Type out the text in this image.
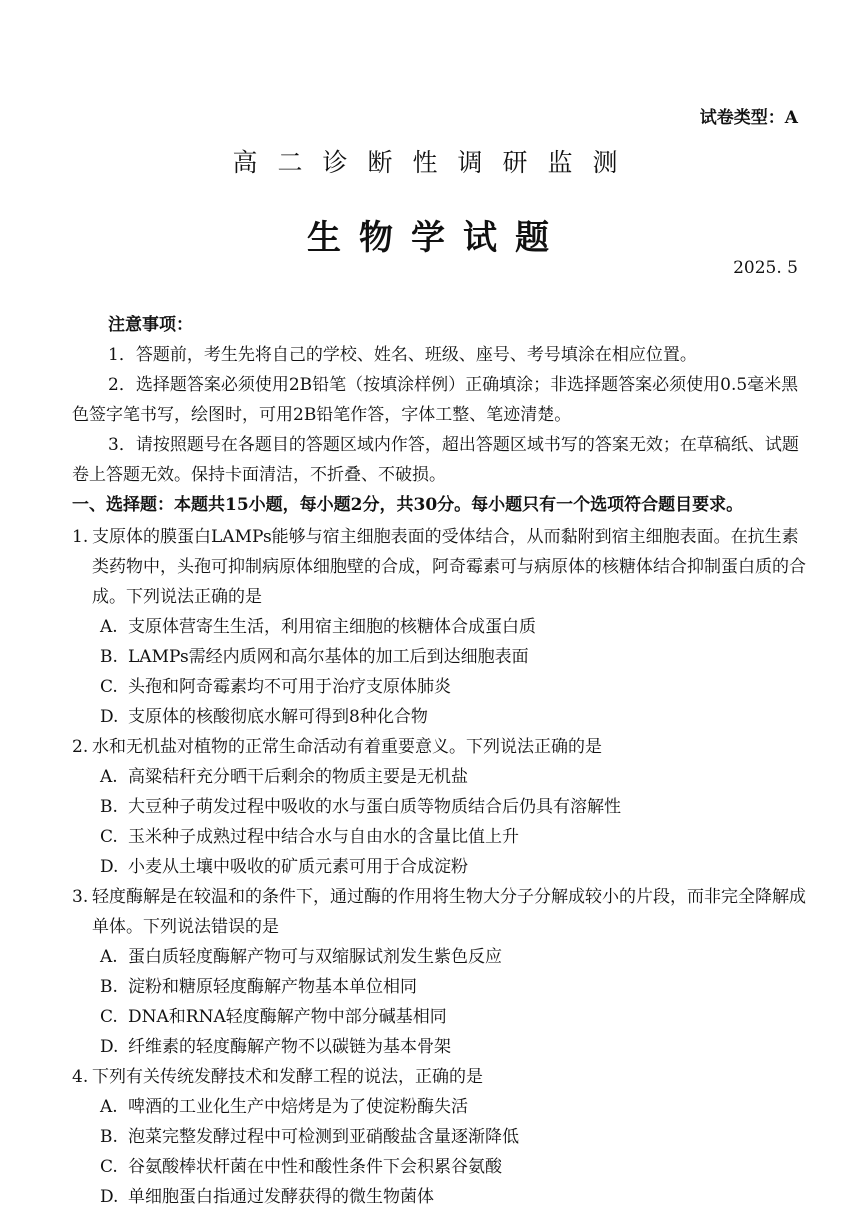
试卷类型：A
高二诊断性调研监测
生物学试题
2025. 5
注意事项：

1．答题前，考生先将自己的学校、姓名、班级、座号、考号填涂在相应位置。

2．选择题答案必须使用2B铅笔（按填涂样例）正确填涂；非选择题答案必须使用0.5毫米黑色签字笔书写，绘图时，可用2B铅笔作答，字体工整、笔迹清楚。

3．请按照题号在各题目的答题区域内作答，超出答题区域书写的答案无效；在草稿纸、试题卷上答题无效。保持卡面清洁，不折叠、不破损。

一、选择题：本题共15小题，每小题2分，共30分。每小题只有一个选项符合题目要求。
1. 支原体的膜蛋白LAMPs能够与宿主细胞表面的受体结合，从而黏附到宿主细胞表面。在抗生素类药物中，头孢可抑制病原体细胞壁的合成，阿奇霉素可与病原体的核糖体结合抑制蛋白质的合成。下列说法正确的是
A. 支原体营寄生生活，利用宿主细胞的核糖体合成蛋白质
B. LAMPs需经内质网和高尔基体的加工后到达细胞表面
C. 头孢和阿奇霉素均不可用于治疗支原体肺炎
D. 支原体的核酸彻底水解可得到8种化合物
2. 水和无机盐对植物的正常生命活动有着重要意义。下列说法正确的是
A. 高粱秸秆充分晒干后剩余的物质主要是无机盐
B. 大豆种子萌发过程中吸收的水与蛋白质等物质结合后仍具有溶解性
C. 玉米种子成熟过程中结合水与自由水的含量比值上升
D. 小麦从土壤中吸收的矿质元素可用于合成淀粉
3. 轻度酶解是在较温和的条件下，通过酶的作用将生物大分子分解成较小的片段，而非完全降解成单体。下列说法错误的是
A. 蛋白质轻度酶解产物可与双缩脲试剂发生紫色反应
B. 淀粉和糖原轻度酶解产物基本单位相同
C. DNA和RNA轻度酶解产物中部分碱基相同
D. 纤维素的轻度酶解产物不以碳链为基本骨架
4. 下列有关传统发酵技术和发酵工程的说法，正确的是
A. 啤酒的工业化生产中焙烤是为了使淀粉酶失活
B. 泡菜完整发酵过程中可检测到亚硝酸盐含量逐渐降低
C. 谷氨酸棒状杆菌在中性和酸性条件下会积累谷氨酸
D. 单细胞蛋白指通过发酵获得的微生物菌体
